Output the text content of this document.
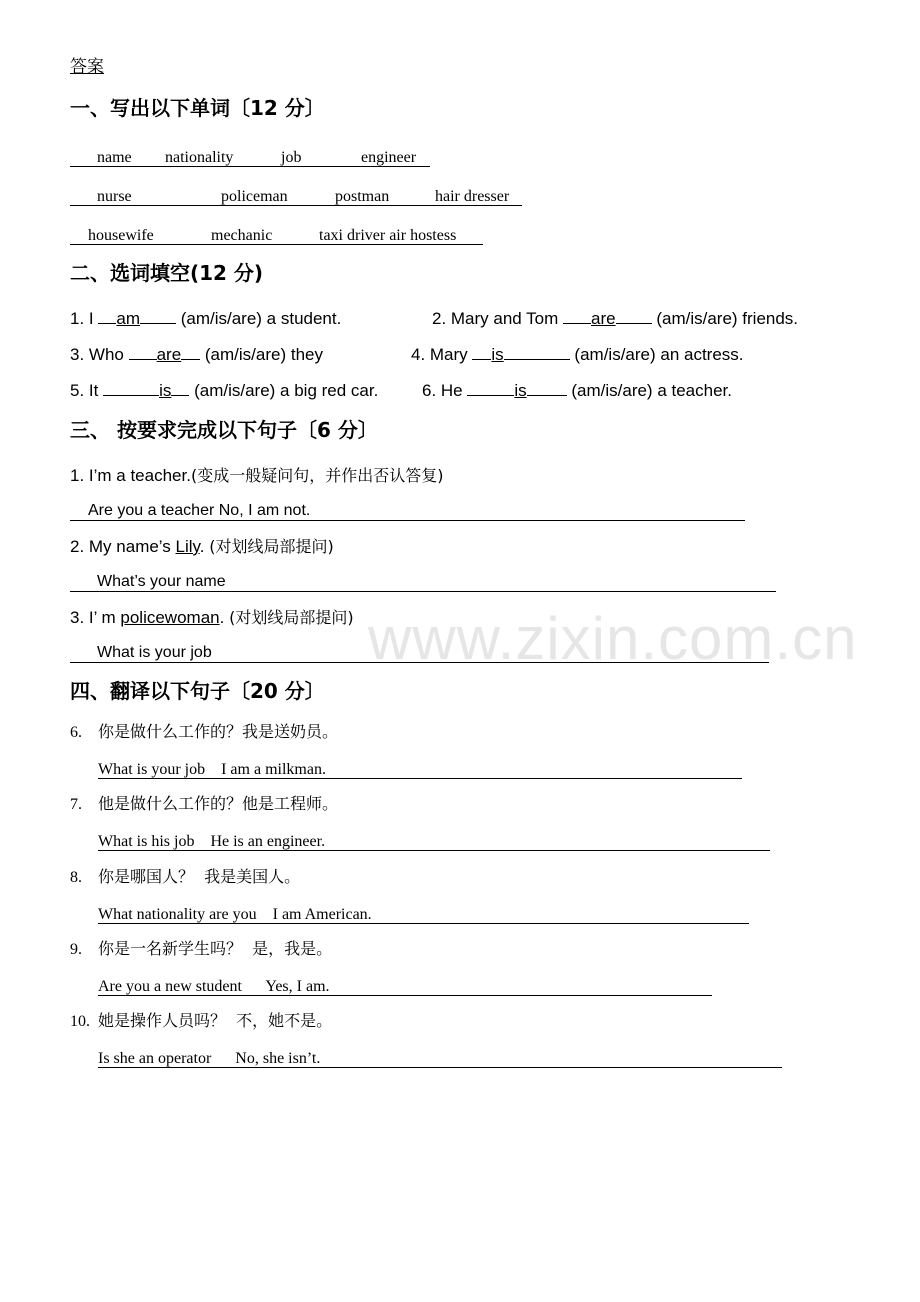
www.zixin.com.cn
答案
一、写出以下单词〔12 分〕
name nationality	job	engineer
nurse	policeman	postman	hair dresser
housewife	mechanic	taxi driver air hostess
二、选词填空(12 分)
1. I am (am/is/are) a student.	2. Mary and Tom are (am/is/are) friends.
3. Who are (am/is/are) they	4. Mary is	(am/is/are) an actress.
5. It	is (am/is/are) a big red car.	6. He	is (am/is/are) a teacher.
三、 按要求完成以下句子〔6 分〕
1. I’m a teacher.(变成一般疑问句，并作出否认答复)
Are you a teacher No, I am not.
2. My name’s Lily. (对划线局部提问)
What’s your name
3. I’ m policewoman. (对划线局部提问)
What is your job
四、翻译以下句子〔20 分〕
6. 你是做什么工作的？我是送奶员。
What is your job    I am a milkman.
7. 他是做什么工作的？他是工程师。
What is his job    He is an engineer.
8. 你是哪国人？  我是美国人。
What nationality are you    I am American.
9. 你是一名新学生吗？  是，我是。
Are you a new student      Yes, I am.
10. 她是操作人员吗？  不，她不是。
Is she an operator      No, she isn’t.
